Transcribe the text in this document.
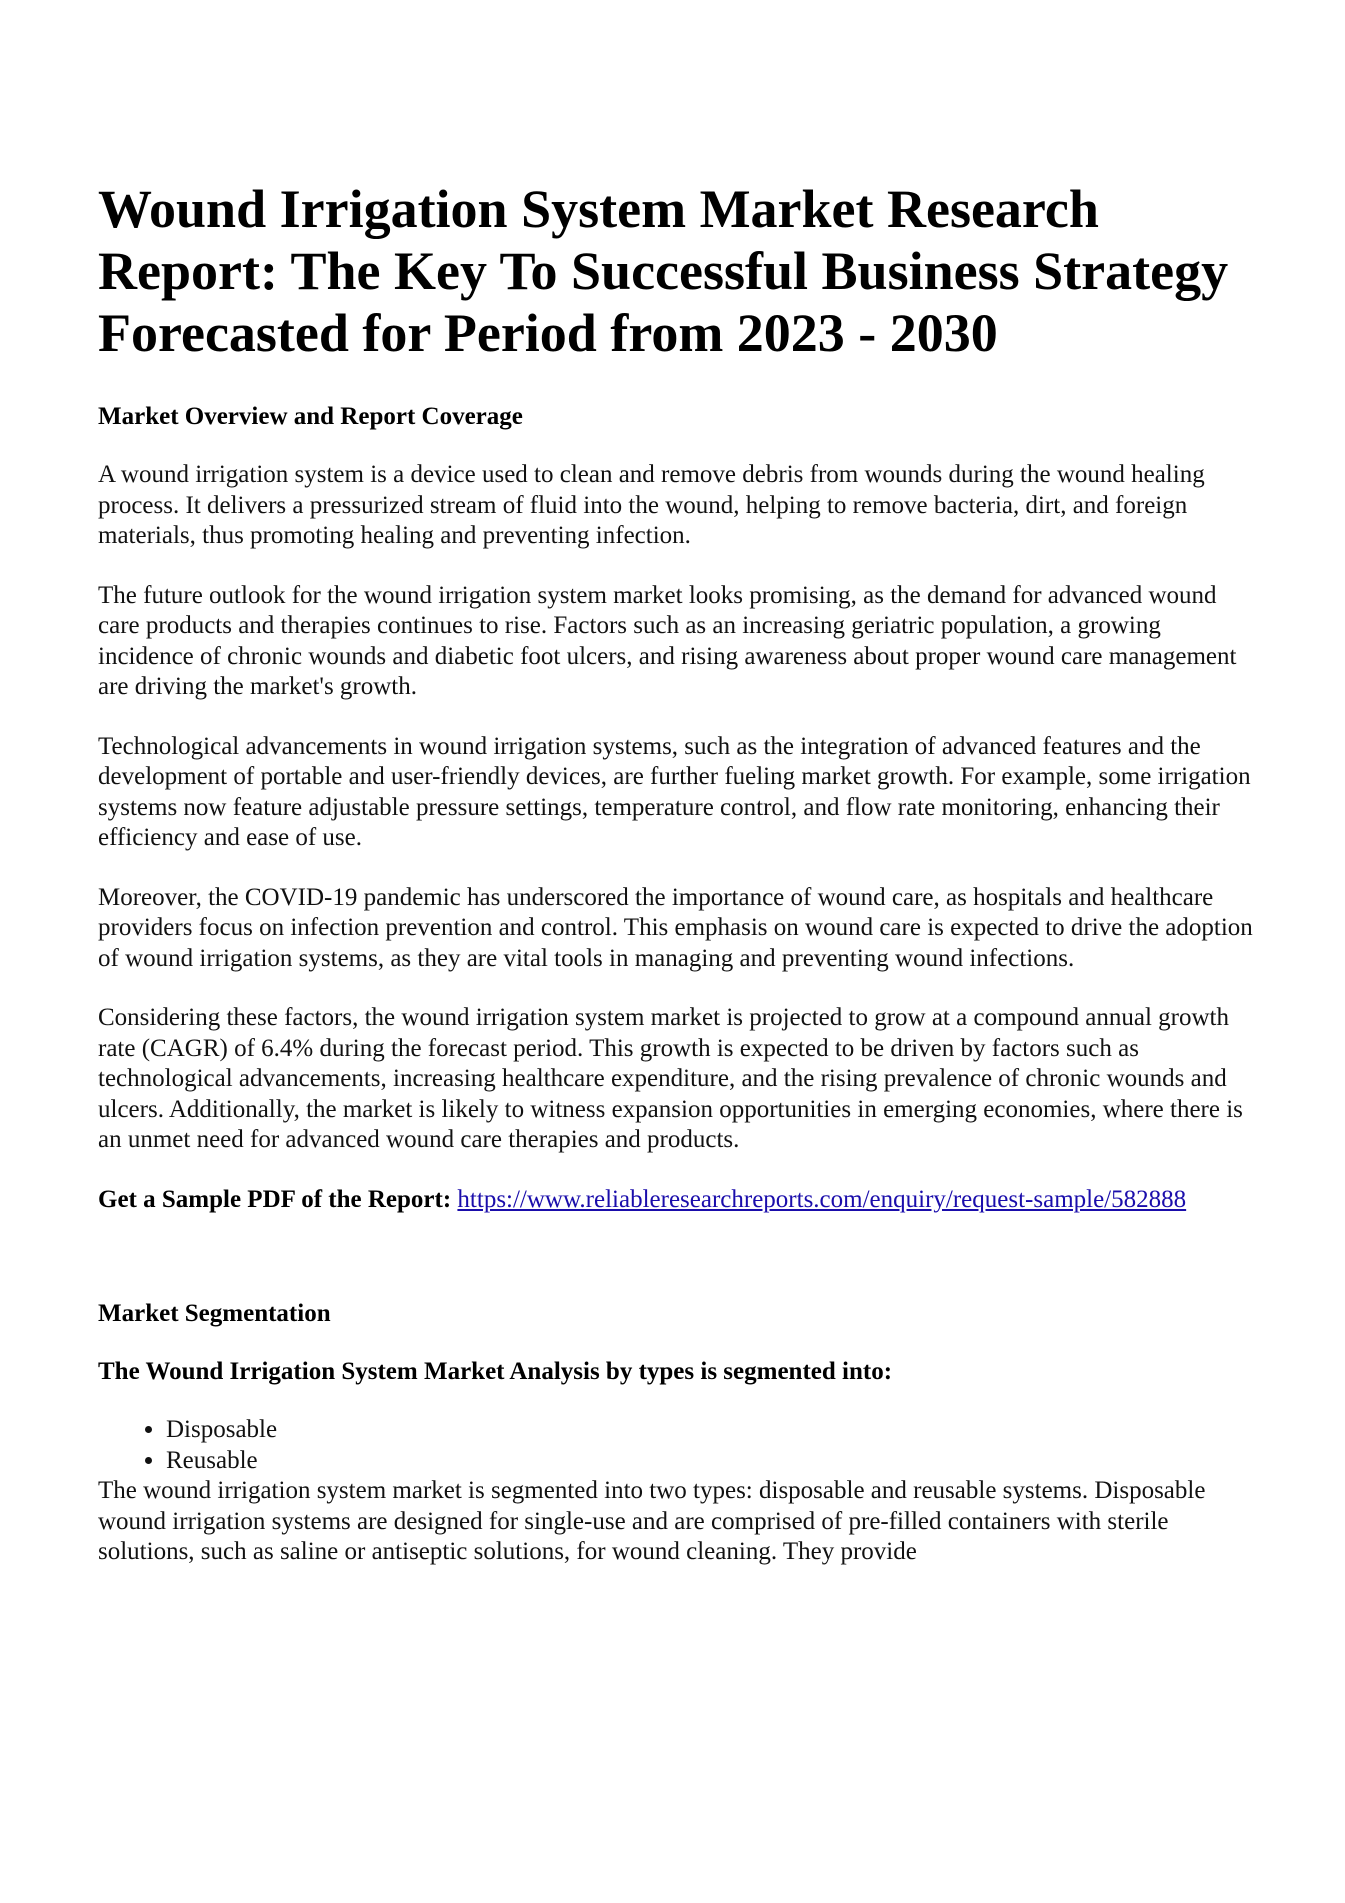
Wound Irrigation System Market Research Report: The Key To Successful Business Strategy Forecasted for Period from 2023 - 2030
Market Overview and Report Coverage

A wound irrigation system is a device used to clean and remove debris from wounds during the wound healing process. It delivers a pressurized stream of fluid into the wound, helping to remove bacteria, dirt, and foreign materials, thus promoting healing and preventing infection.

The future outlook for the wound irrigation system market looks promising, as the demand for advanced wound care products and therapies continues to rise. Factors such as an increasing geriatric population, a growing incidence of chronic wounds and diabetic foot ulcers, and rising awareness about proper wound care management are driving the market's growth.

Technological advancements in wound irrigation systems, such as the integration of advanced features and the development of portable and user-friendly devices, are further fueling market growth. For example, some irrigation systems now feature adjustable pressure settings, temperature control, and flow rate monitoring, enhancing their efficiency and ease of use.

Moreover, the COVID-19 pandemic has underscored the importance of wound care, as hospitals and healthcare providers focus on infection prevention and control. This emphasis on wound care is expected to drive the adoption of wound irrigation systems, as they are vital tools in managing and preventing wound infections.

Considering these factors, the wound irrigation system market is projected to grow at a compound annual growth rate (CAGR) of 6.4% during the forecast period. This growth is expected to be driven by factors such as technological advancements, increasing healthcare expenditure, and the rising prevalence of chronic wounds and ulcers. Additionally, the market is likely to witness expansion opportunities in emerging economies, where there is an unmet need for advanced wound care therapies and products.

Get a Sample PDF of the Report: https://www.reliableresearchreports.com/enquiry/request-sample/582888
Market Segmentation
The Wound Irrigation System Market Analysis by types is segmented into:
• Disposable
• Reusable

The wound irrigation system market is segmented into two types: disposable and reusable systems. Disposable wound irrigation systems are designed for single-use and are comprised of pre-filled containers with sterile solutions, such as saline or antiseptic solutions, for wound cleaning. They provide
